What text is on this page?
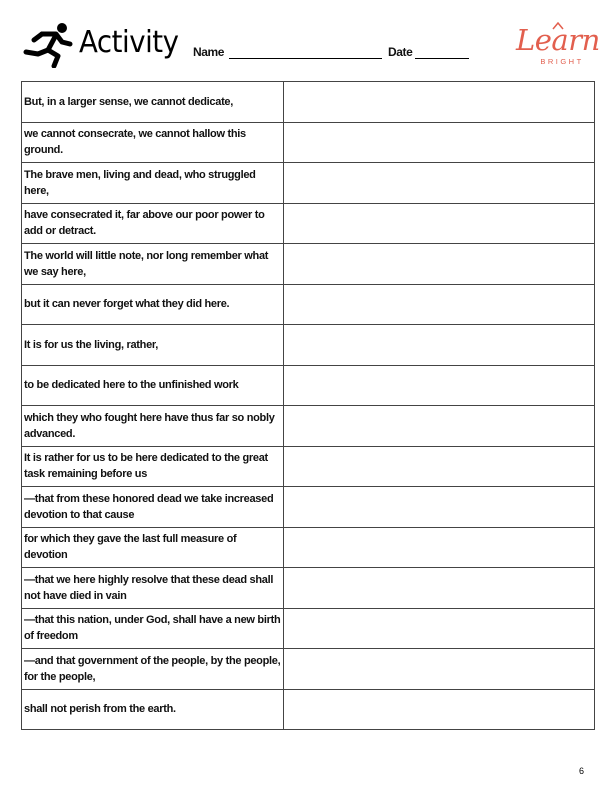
Activity Name	Date	Learn
BRIGHT
But, in a larger sense, we cannot dedicate,	
we cannot consecrate, we cannot hallow this ground.	
The brave men, living and dead, who struggled here,	
have consecrated it, far above our poor power to add or detract.	
The world will little note, nor long remember what we say here,	
but it can never forget what they did here.	
It is for us the living, rather,	
to be dedicated here to the unfinished work	
which they who fought here have thus far so nobly advanced.	
It is rather for us to be here dedicated to the great task remaining before us	
—that from these honored dead we take increased devotion to that cause	
for which they gave the last full measure of devotion	
—that we here highly resolve that these dead shall not have died in vain	
—that this nation, under God, shall have a new birth of freedom	
—and that government of the people, by the people, for the people,	
shall not perish from the earth.	
6
